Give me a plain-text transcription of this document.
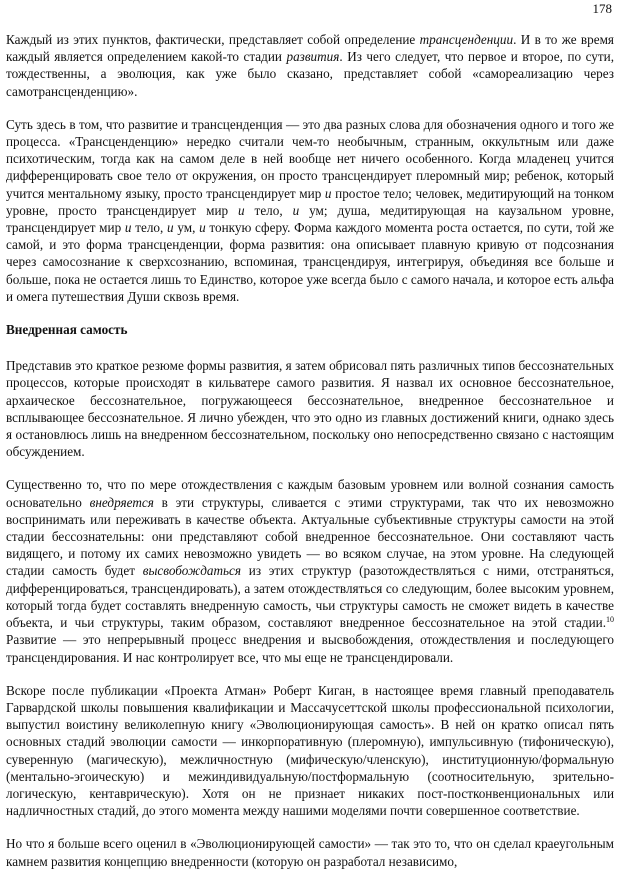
178

Каждый из этих пунктов, фактически, представляет собой определение трансценденции. И в то же время каждый является определением какой-то стадии развития. Из чего следует, что первое и второе, по сути, тождественны, а эволюция, как уже было сказано, представляет собой «самореализацию через самотрансценденцию».

Суть здесь в том, что развитие и трансценденция — это два разных слова для обозначения одного и того же процесса. «Трансценденцию» нередко считали чем-то необычным, странным, оккультным или даже психотическим, тогда как на самом деле в ней вообще нет ничего особенного. Когда младенец учится дифференцировать свое тело от окружения, он просто трансцендирует плеромный мир; ребенок, который учится ментальному языку, просто трансцендирует мир и простое тело; человек, медитирующий на тонком уровне, просто трансцендирует мир и тело, и ум; душа, медитирующая на каузальном уровне, трансцендирует мир и тело, и ум, и тонкую сферу. Форма каждого момента роста остается, по сути, той же самой, и это форма трансценденции, форма развития: она описывает плавную кривую от подсознания через самосознание к сверхсознанию, вспоминая, трансцендируя, интегрируя, объединяя все больше и больше, пока не остается лишь то Единство, которое уже всегда было с самого начала, и которое есть альфа и омега путешествия Души сквозь время.

Внедренная самость

Представив это краткое резюме формы развития, я затем обрисовал пять различных типов бессознательных процессов, которые происходят в кильватере самого развития. Я назвал их основное бессознательное, архаическое бессознательное, погружающееся бессознательное, внедренное бессознательное и всплывающее бессознательное. Я лично убежден, что это одно из главных достижений книги, однако здесь я остановлюсь лишь на внедренном бессознательном, поскольку оно непосредственно связано с настоящим обсуждением.

Существенно то, что по мере отождествления с каждым базовым уровнем или волной сознания самость основательно внедряется в эти структуры, сливается с этими структурами, так что их невозможно воспринимать или переживать в качестве объекта. Актуальные субъективные структуры самости на этой стадии бессознательны: они представляют собой внедренное бессознательное. Они составляют часть видящего, и потому их самих невозможно увидеть — во всяком случае, на этом уровне. На следующей стадии самость будет высвобождаться из этих структур (разотождествляться с ними, отстраняться, дифференцироваться, трансцендировать), а затем отождествляться со следующим, более высоким уровнем, который тогда будет составлять внедренную самость, чьи структуры самость не сможет видеть в качестве объекта, и чьи структуры, таким образом, составляют внедренное бессознательное на этой стадии.$^{10}$ Развитие — это непрерывный процесс внедрения и высвобождения, отождествления и последующего трансцендирования. И нас контролирует все, что мы еще не трансцендировали.

Вскоре после публикации «Проекта Атман» Роберт Киган, в настоящее время главный преподаватель Гарвардской школы повышения квалификации и Массачусеттской школы профессиональной психологии, выпустил воистину великолепную книгу «Эволюционирующая самость». В ней он кратко описал пять основных стадий эволюции самости — инкорпоративную (плеромную), импульсивную (тифоническую), суверенную (магическую), межличностную (мифическую/членскую), институционную/формальную (ментально-эгоическую) и межиндивидуальную/постформальную (соотносительную, зрительно-логическую, кентаврическую). Хотя он не признает никаких пост-постконвенциональных или надличностных стадий, до этого момента между нашими моделями почти совершенное соответствие.

Но что я больше всего оценил в «Эволюционирующей самости» — так это то, что он сделал краеугольным камнем развития концепцию внедренности (которую он разработал независимо,
